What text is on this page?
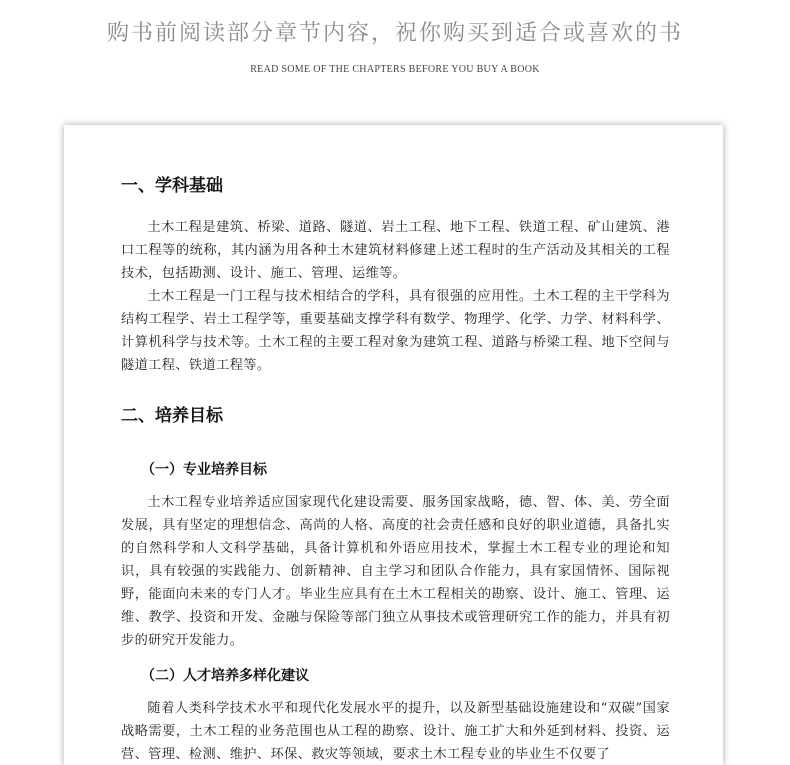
购书前阅读部分章节内容，祝你购买到适合或喜欢的书
READ SOME OF THE CHAPTERS BEFORE YOU BUY A BOOK
一、学科基础

土木工程是建筑、桥梁、道路、隧道、岩土工程、地下工程、铁道工程、矿山建筑、港口工程等的统称，其内涵为用各种土木建筑材料修建上述工程时的生产活动及其相关的工程技术，包括勘测、设计、施工、管理、运维等。

土木工程是一门工程与技术相结合的学科，具有很强的应用性。土木工程的主干学科为结构工程学、岩土工程学等，重要基础支撑学科有数学、物理学、化学、力学、材料科学、计算机科学与技术等。土木工程的主要工程对象为建筑工程、道路与桥梁工程、地下空间与隧道工程、铁道工程等。

二、培养目标
（一）专业培养目标

土木工程专业培养适应国家现代化建设需要、服务国家战略，德、智、体、美、劳全面发展，具有坚定的理想信念、高尚的人格、高度的社会责任感和良好的职业道德，具备扎实的自然科学和人文科学基础，具备计算机和外语应用技术，掌握土木工程专业的理论和知识，具有较强的实践能力、创新精神、自主学习和团队合作能力，具有家国情怀、国际视野，能面向未来的专门人才。毕业生应具有在土木工程相关的勘察、设计、施工、管理、运维、教学、投资和开发、金融与保险等部门独立从事技术或管理研究工作的能力，并具有初步的研究开发能力。

（二）人才培养多样化建议

随着人类科学技术水平和现代化发展水平的提升，以及新型基础设施建设和“双碳”国家战略需要，土木工程的业务范围也从工程的勘察、设计、施工扩大和外延到材料、投资、运营、管理、检测、维护、环保、救灾等领域，要求土木工程专业的毕业生不仅要了
